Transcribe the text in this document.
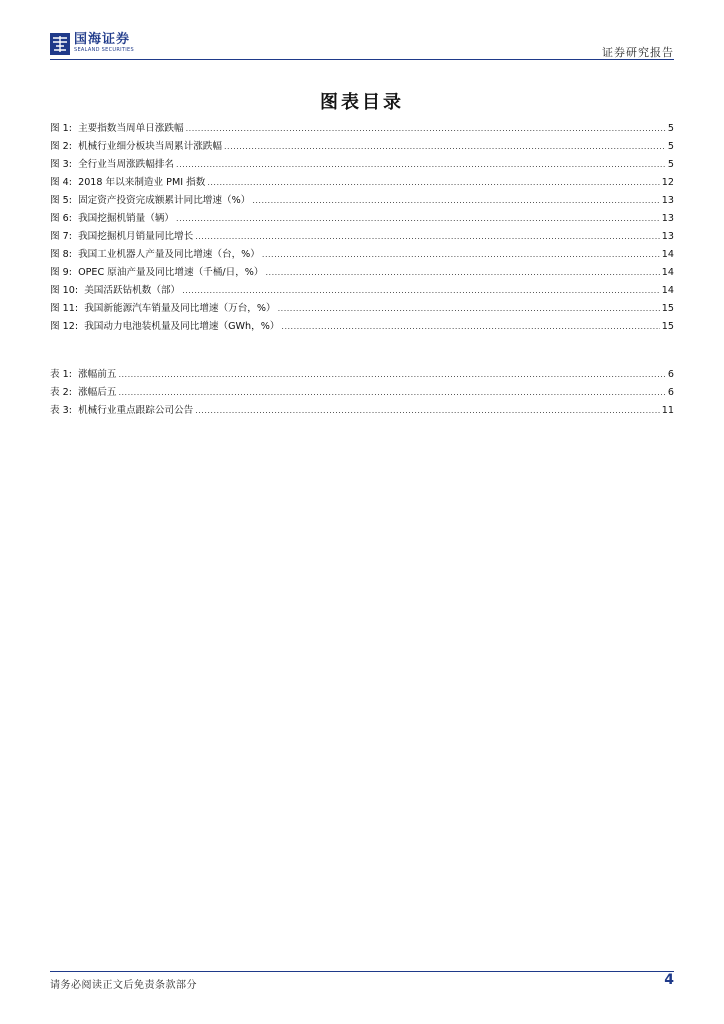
国海证券
SEALAND SECURITIES	证券研究报告
图表目录
图 1:
主要指数当周单日涨跌幅 .....	5
图 2:
机械行业细分板块当周累计涨跌幅 .....	5
图 3:
全行业当周涨跌幅排名 .....	5
图 4:
2018 年以来制造业 PMI 指数 .....	12
图 5:
固定资产投资完成额累计同比增速（%） .....	13
图 6:
我国挖掘机销量（辆） .....	13
图 7:
我国挖掘机月销量同比增长 .....	13
图 8:
我国工业机器人产量及同比增速（台，%） .....	14
图 9:
OPEC 原油产量及同比增速（千桶/日，%） .....	14
图 10:
美国活跃钻机数（部） .....	14
图 11:
我国新能源汽车销量及同比增速（万台，%） .....	15
图 12:
我国动力电池装机量及同比增速（GWh，%） .....	15
表 1:
涨幅前五 .....	6
表 2:
涨幅后五 .....	6
表 3:
机械行业重点跟踪公司公告 .....	11
请务必阅读正文后免责条款部分	4
